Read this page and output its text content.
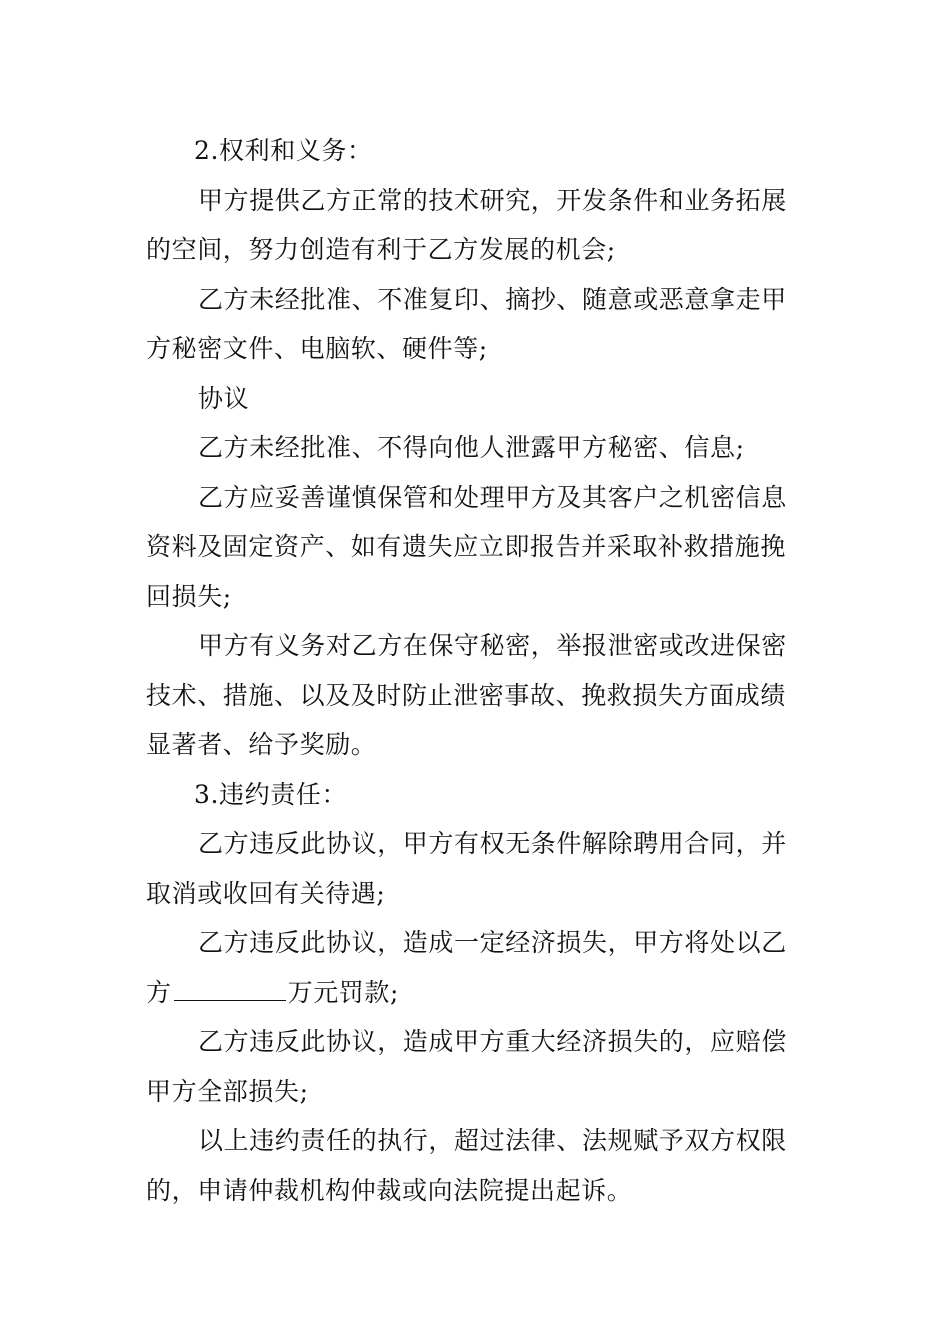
2.权利和义务：

甲方提供乙方正常的技术研究，开发条件和业务拓展的空间，努力创造有利于乙方发展的机会;

乙方未经批准、不准复印、摘抄、随意或恶意拿走甲方秘密文件、电脑软、硬件等;

协议

乙方未经批准、不得向他人泄露甲方秘密、信息;

乙方应妥善谨慎保管和处理甲方及其客户之机密信息资料及固定资产、如有遗失应立即报告并采取补救措施挽回损失;

甲方有义务对乙方在保守秘密，举报泄密或改进保密技术、措施、以及及时防止泄密事故、挽救损失方面成绩显著者、给予奖励。

3.违约责任：

乙方违反此协议，甲方有权无条件解除聘用合同，并取消或收回有关待遇;

乙方违反此协议，造成一定经济损失，甲方将处以乙方	万元罚款;

乙方违反此协议，造成甲方重大经济损失的，应赔偿甲方全部损失;

以上违约责任的执行，超过法律、法规赋予双方权限的，申请仲裁机构仲裁或向法院提出起诉。
